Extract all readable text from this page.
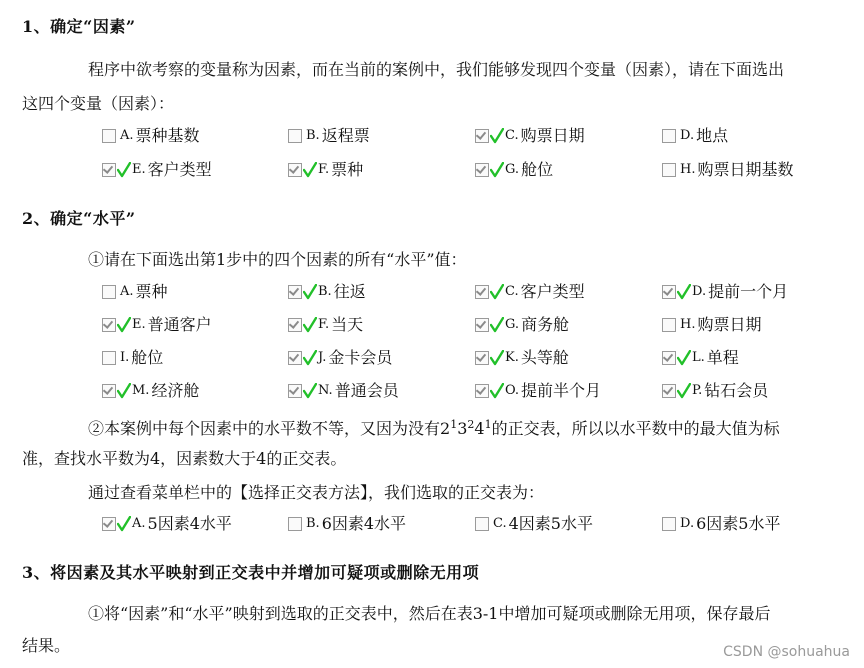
1、确定“因素”
程序中欲考察的变量称为因素，而在当前的案例中，我们能够发现四个变量（因素），请在下面选出
这四个变量（因素）：
A. 票种基数	B. 返程票	C. 购票日期	D. 地点
E. 客户类型	F. 票种	G. 舱位	H. 购票日期基数
2、确定“水平”
①请在下面选出第1步中的四个因素的所有“水平”值：
A. 票种	B. 往返	C. 客户类型	D. 提前一个月
E. 普通客户	F. 当天	G. 商务舱	H. 购票日期
I. 舱位	J. 金卡会员	K. 头等舱	L. 单程
M. 经济舱	N. 普通会员	O. 提前半个月	P. 钻石会员
②本案例中每个因素中的水平数不等，又因为没有$2^13^24^1$的正交表，所以以水平数中的最大值为标
准，查找水平数为4，因素数大于4的正交表。
通过查看菜单栏中的【选择正交表方法】，我们选取的正交表为：
A. 5因素4水平	B. 6因素4水平	C. 4因素5水平	D. 6因素5水平
3、将因素及其水平映射到正交表中并增加可疑项或删除无用项
①将“因素”和“水平”映射到选取的正交表中，然后在表3-1中增加可疑项或删除无用项，保存最后
结果。	CSDN @sohuahua
